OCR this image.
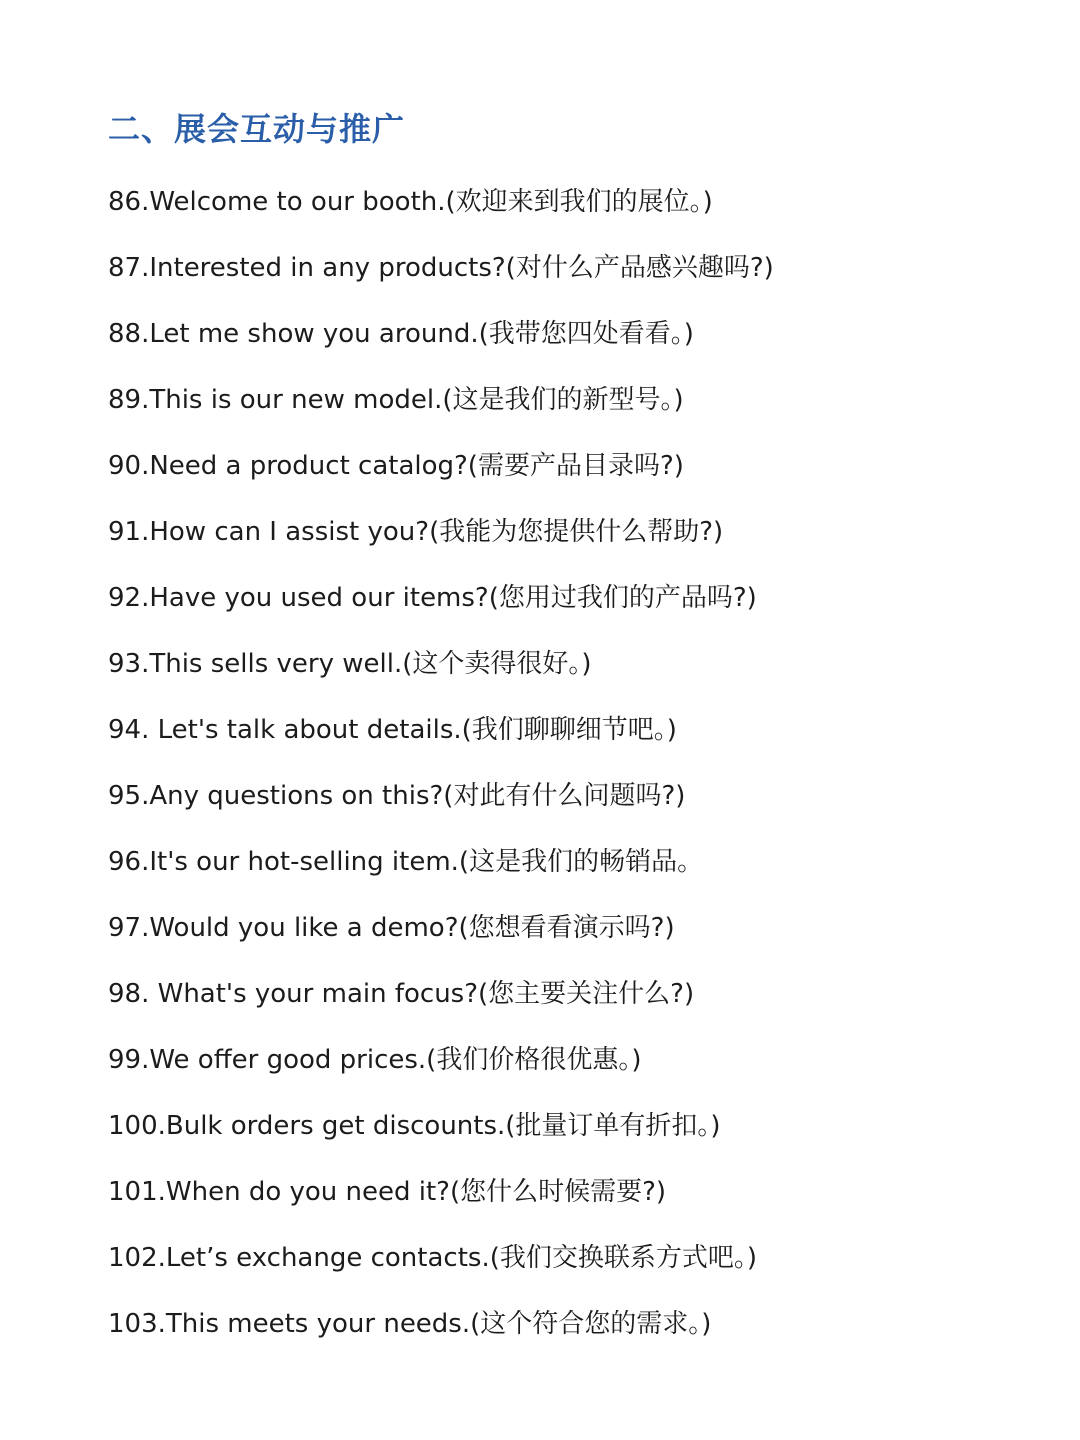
二、展会互动与推广
86.Welcome to our booth.(欢迎来到我们的展位。)
87.Interested in any products?(对什么产品感兴趣吗?)
88.Let me show you around.(我带您四处看看。)
89.This is our new model.(这是我们的新型号。)
90.Need a product catalog?(需要产品目录吗?)
91.How can I assist you?(我能为您提供什么帮助?)
92.Have you used our items?(您用过我们的产品吗?)
93.This sells very well.(这个卖得很好。)
94. Let's talk about details.(我们聊聊细节吧。)
95.Any questions on this?(对此有什么问题吗?)
96.It's our hot-selling item.(这是我们的畅销品。
97.Would you like a demo?(您想看看演示吗?)
98. What's your main focus?(您主要关注什么?)
99.We offer good prices.(我们价格很优惠。)
100.Bulk orders get discounts.(批量订单有折扣。)
101.When do you need it?(您什么时候需要?)
102.Let’s exchange contacts.(我们交换联系方式吧。)
103.This meets your needs.(这个符合您的需求。)
